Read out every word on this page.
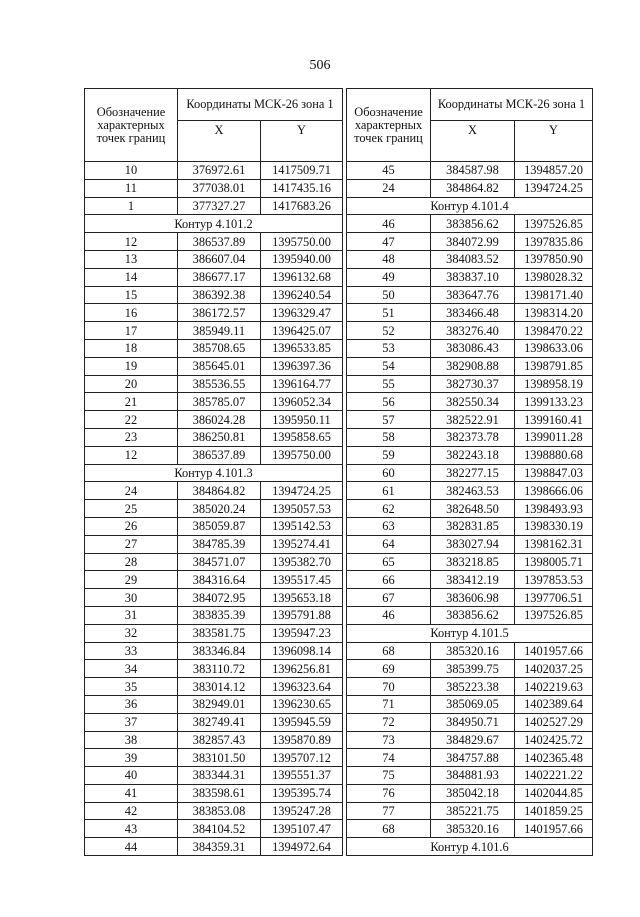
506
Обозначение характерных точек границ	Координаты МСК-26 зона 1	
	X	Y
10	376972.61	1417509.71
11	377038.01	1417435.16
1	377327.27	1417683.26
Контур 4.101.2		
12	386537.89	1395750.00
13	386607.04	1395940.00
14	386677.17	1396132.68
15	386392.38	1396240.54
16	386172.57	1396329.47
17	385949.11	1396425.07
18	385708.65	1396533.85
19	385645.01	1396397.36
20	385536.55	1396164.77
21	385785.07	1396052.34
22	386024.28	1395950.11
23	386250.81	1395858.65
12	386537.89	1395750.00
Контур 4.101.3		
24	384864.82	1394724.25
25	385020.24	1395057.53
26	385059.87	1395142.53
27	384785.39	1395274.41
28	384571.07	1395382.70
29	384316.64	1395517.45
30	384072.95	1395653.18
31	383835.39	1395791.88
32	383581.75	1395947.23
33	383346.84	1396098.14
34	383110.72	1396256.81
35	383014.12	1396323.64
36	382949.01	1396230.65
37	382749.41	1395945.59
38	382857.43	1395870.89
39	383101.50	1395707.12
40	383344.31	1395551.37
41	383598.61	1395395.74
42	383853.08	1395247.28
43	384104.52	1395107.47
44	384359.31	1394972.64
Обозначение характерных точек границ	Координаты МСК-26 зона 1	
	X	Y
45	384587.98	1394857.20
24	384864.82	1394724.25
Контур 4.101.4		
46	383856.62	1397526.85
47	384072.99	1397835.86
48	384083.52	1397850.90
49	383837.10	1398028.32
50	383647.76	1398171.40
51	383466.48	1398314.20
52	383276.40	1398470.22
53	383086.43	1398633.06
54	382908.88	1398791.85
55	382730.37	1398958.19
56	382550.34	1399133.23
57	382522.91	1399160.41
58	382373.78	1399011.28
59	382243.18	1398880.68
60	382277.15	1398847.03
61	382463.53	1398666.06
62	382648.50	1398493.93
63	382831.85	1398330.19
64	383027.94	1398162.31
65	383218.85	1398005.71
66	383412.19	1397853.53
67	383606.98	1397706.51
46	383856.62	1397526.85
Контур 4.101.5		
68	385320.16	1401957.66
69	385399.75	1402037.25
70	385223.38	1402219.63
71	385069.05	1402389.64
72	384950.71	1402527.29
73	384829.67	1402425.72
74	384757.88	1402365.48
75	384881.93	1402221.22
76	385042.18	1402044.85
77	385221.75	1401859.25
68	385320.16	1401957.66
Контур 4.101.6		
